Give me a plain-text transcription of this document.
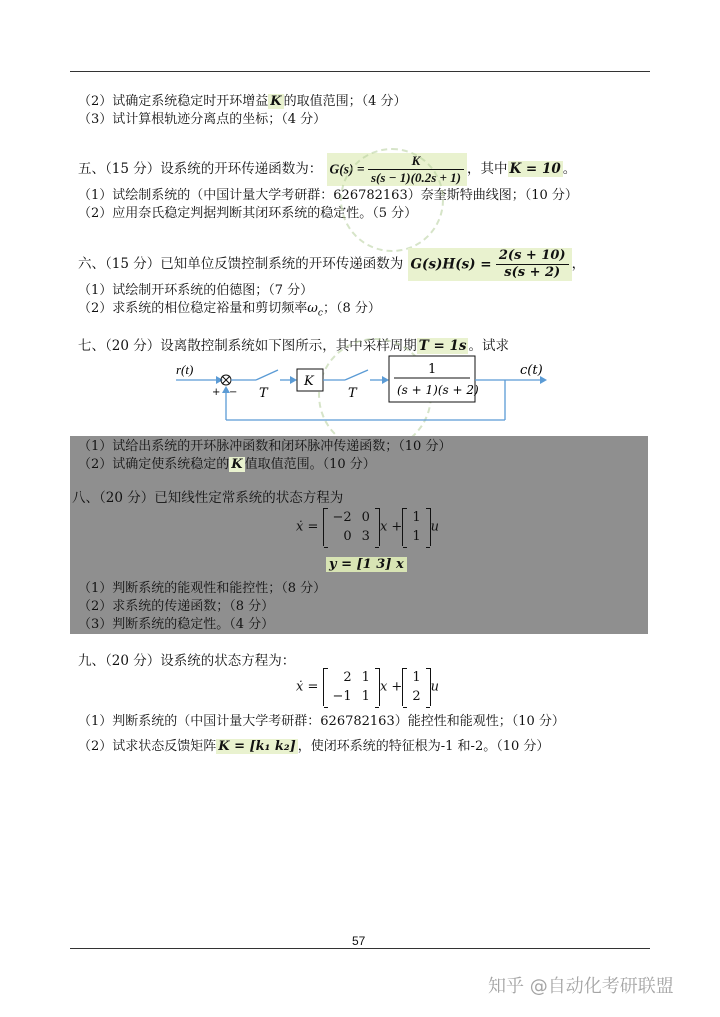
（2）试确定系统稳定时开环增益 K 的取值范围；（4 分）
（3）试计算根轨迹分离点的坐标；（4 分）
五、（15 分）设系统的开环传递函数为： $G(s) = \frac{K}{s(s - 1)(0.2s + 1)}$ ，其中 K = 10 。
（1）试绘制系统的（中国计量大学考研群：626782163）奈奎斯特曲线图；（10 分）
（2）应用奈氏稳定判据判断其闭环系统的稳定性。（5 分）
六、（15 分）已知单位反馈控制系统的开环传递函数为 $G(s)H(s) = \frac{2(s + 10)}{s(s + 2)}$ ，
（1）试绘制开环系统的伯德图；（7 分）
（2）求系统的相位稳定裕量和剪切频率$\omega_c$；（8 分）
七、（20 分）设离散控制系统如下图所示，其中采样周期 T = 1s 。试求
r(t)
+ − T
K
T
1
(s + 1)(s + 2)
c(t)
（1）试给出系统的开环脉冲函数和闭环脉冲传递函数；（10 分）
（2）试确定使系统稳定的 K 值取值范围。（10 分）
八、（20 分）已知线性定常系统的状态方程为
ẋ =
−2	0
0	3
x +
1
1
u
y = [1 3] x
（1）判断系统的能观性和能控性；（8 分）
（2）求系统的传递函数；（8 分）
（3）判断系统的稳定性。（4 分）
九、（20 分）设系统的状态方程为：
ẋ =
2	1
−1	1
x +
1
2
u
（1）判断系统的（中国计量大学考研群：626782163）能控性和能观性；（10 分）
（2）试求状态反馈矩阵 K = [k₁ k₂] ，使闭环系统的特征根为-1 和-2。（10 分）
57
知乎 @自动化考研联盟
